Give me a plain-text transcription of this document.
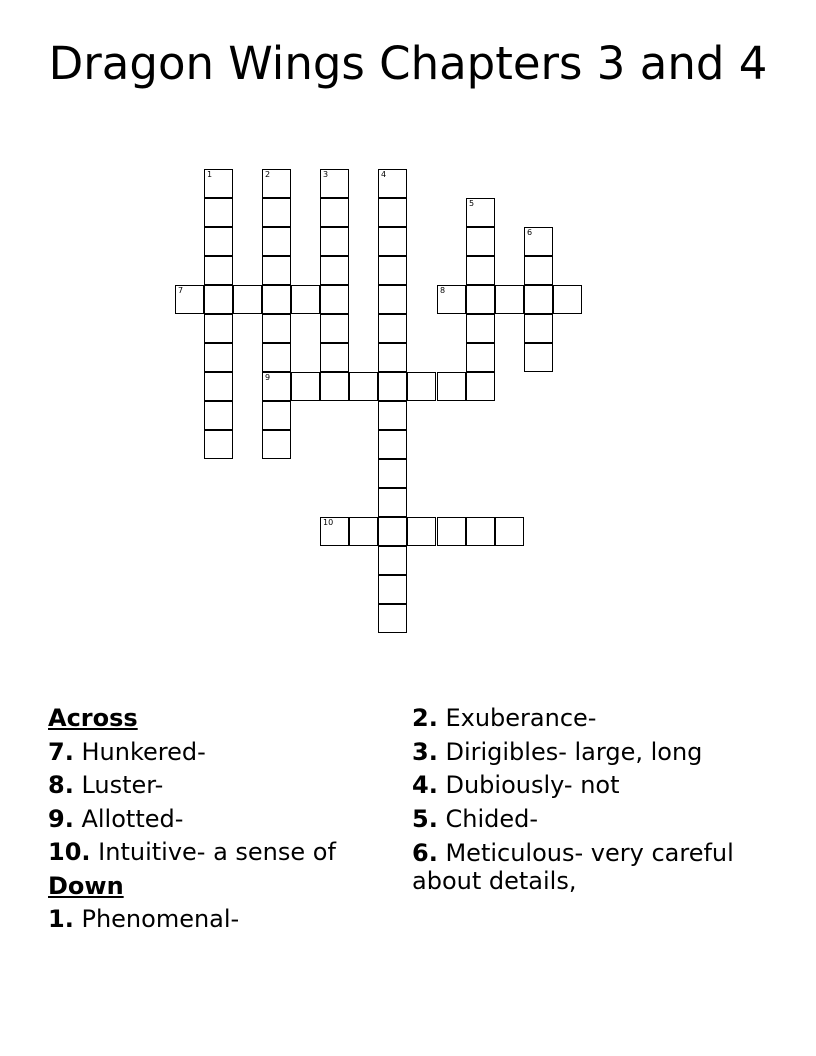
Dragon Wings Chapters 3 and 4
1	2	3	4
5
6
7	8
9
10
Across
7. Hunkered-
8. Luster-
9. Allotted-
10. Intuitive- a sense of
Down
1. Phenomenal-
2. Exuberance-
3. Dirigibles- large, long
4. Dubiously- not
5. Chided-
6. Meticulous- very careful about details,
